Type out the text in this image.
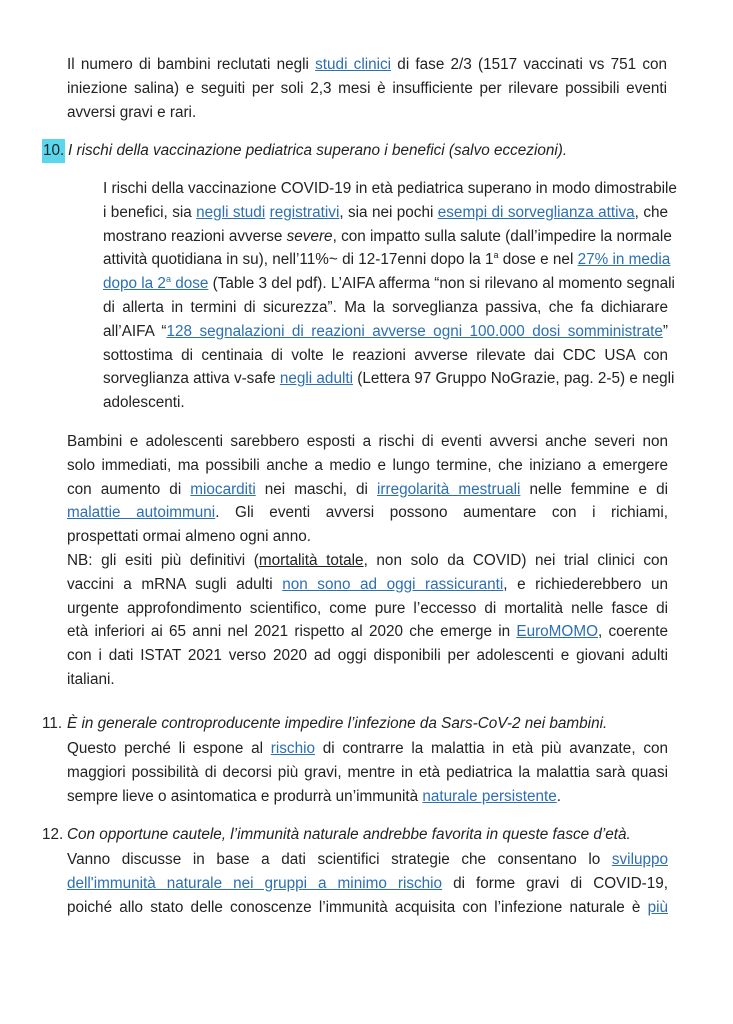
Il numero di bambini reclutati negli studi clinici di fase 2/3 (1517 vaccinati vs 751 con
iniezione salina) e seguiti per soli 2,3 mesi è insufficiente per rilevare possibili eventi
avversi gravi e rari.
10. I rischi della vaccinazione pediatrica superano i benefici (salvo eccezioni).
I rischi della vaccinazione COVID-19 in età pediatrica superano in modo dimostrabile
i benefici, sia negli studi registrativi, sia nei pochi esempi di sorveglianza attiva, che
mostrano reazioni avverse severe, con impatto sulla salute (dall’impedire la normale
attività quotidiana in su), nell’11%~ di 12-17enni dopo la 1$^a$ dose e nel 27% in media
dopo la 2$^a$ dose (Table 3 del pdf). L’AIFA afferma “non si rilevano al momento segnali
di allerta in termini di sicurezza”. Ma la sorveglianza passiva, che fa dichiarare
all’AIFA “128 segnalazioni di reazioni avverse ogni 100.000 dosi somministrate”
sottostima di centinaia di volte le reazioni avverse rilevate dai CDC USA con
sorveglianza attiva v-safe negli adulti (Lettera 97 Gruppo NoGrazie, pag. 2-5) e negli
adolescenti.
Bambini e adolescenti sarebbero esposti a rischi di eventi avversi anche severi non
solo immediati, ma possibili anche a medio e lungo termine, che iniziano a emergere
con aumento di miocarditi nei maschi, di irregolarità mestruali nelle femmine e di
malattie autoimmuni. Gli eventi avversi possono aumentare con i richiami,
prospettati ormai almeno ogni anno.
NB: gli esiti più definitivi (mortalità totale, non solo da COVID) nei trial clinici con
vaccini a mRNA sugli adulti non sono ad oggi rassicuranti, e richiederebbero un
urgente approfondimento scientifico, come pure l’eccesso di mortalità nelle fasce di
età inferiori ai 65 anni nel 2021 rispetto al 2020 che emerge in EuroMOMO, coerente
con i dati ISTAT 2021 verso 2020 ad oggi disponibili per adolescenti e giovani adulti
italiani.
11. È in generale controproducente impedire l’infezione da Sars-CoV-2 nei bambini.
Questo perché li espone al rischio di contrarre la malattia in età più avanzate, con
maggiori possibilità di decorsi più gravi, mentre in età pediatrica la malattia sarà quasi
sempre lieve o asintomatica e produrrà un’immunità naturale persistente.
12. Con opportune cautele, l’immunità naturale andrebbe favorita in queste fasce d’età.
Vanno discusse in base a dati scientifici strategie che consentano lo sviluppo
dell'immunità naturale nei gruppi a minimo rischio di forme gravi di COVID-19,
poiché allo stato delle conoscenze l’immunità acquisita con l’infezione naturale è più
